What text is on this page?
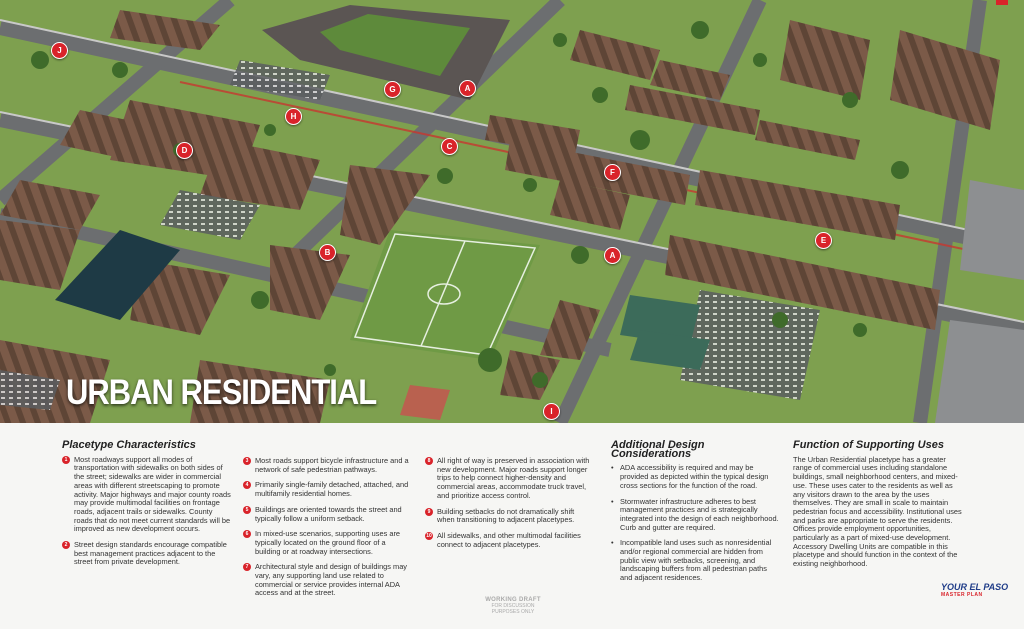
J
G	A
H
D	C
F
E
B	A
I
URBAN RESIDENTIAL
Placetype Characteristics
1 Most roadways support all modes of transportation with sidewalks on both sides of the street; sidewalks are wider in commercial areas with different streetscaping to promote activity. Major highways and major county roads may provide multimodal facilities on frontage roads, adjacent trails or sidewalks. County roads that do not meet current standards will be improved as new development occurs.
2 Street design standards encourage compatible best management practices adjacent to the street from private development.
3 Most roads support bicycle infrastructure and a network of safe pedestrian pathways.
4 Primarily single-family detached, attached, and multifamily residential homes.
5 Buildings are oriented towards the street and typically follow a uniform setback.
6 In mixed-use scenarios, supporting uses are typically located on the ground floor of a building or at roadway intersections.
7 Architectural style and design of buildings may vary, any supporting land use related to commercial or service provides internal ADA access and at the street.
8 All right of way is preserved in association with new development. Major roads support longer trips to help connect higher-density and commercial areas, accommodate truck travel, and prioritize access control.
9 Building setbacks do not dramatically shift when transitioning to adjacent placetypes.
10 All sidewalks, and other multimodal facilities connect to adjacent placetypes.
Additional Design Considerations
• ADA accessibility is required and may be provided as depicted within the typical design cross sections for the function of the road.
• Stormwater infrastructure adheres to best management practices and is strategically integrated into the design of each neighborhood. Curb and gutter are required.
• Incompatible land uses such as nonresidential and/or regional commercial are hidden from public view with setbacks, screening, and landscaping buffers from all pedestrian paths and adjacent residences.
Function of Supporting Uses
The Urban Residential placetype has a greater range of commercial uses including standalone buildings, small neighborhood centers, and mixed-use. These uses cater to the residents as well as any visitors drawn to the area by the uses themselves. They are small in scale to maintain pedestrian focus and accessibility. Institutional uses and parks are appropriate to serve the residents. Offices provide employment opportunities, particularly as a part of mixed-use development. Accessory Dwelling Units are compatible in this placetype and should function in the context of the existing neighborhood.
WORKING DRAFT
FOR DISCUSSION PURPOSES ONLY
YOUR EL PASO
MASTER PLAN
